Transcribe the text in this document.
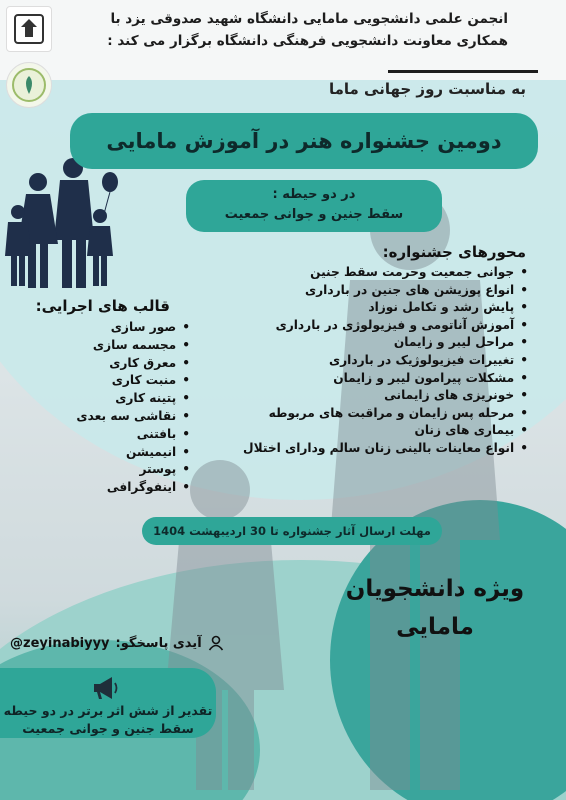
انجمن علمی دانشجویی مامایی دانشگاه شهید صدوقی یزد با
همکاری معاونت دانشجویی فرهنگی دانشگاه برگزار می کند :
به مناسبت روز جهانی ماما
دومین جشنواره هنر در آموزش مامایی
در دو حیطه :
سقط جنین و جوانی جمعیت
محورهای جشنواره:
• جوانی جمعیت وحرمت سقط جنین
• انواع پوزیشن های جنین در بارداری
• پایش رشد و تکامل نوزاد
• آموزش آناتومی و فیزیولوژی در بارداری
• مراحل لیبر و زایمان
• تغییرات فیزیولوژیک در بارداری
• مشکلات پیرامون لیبر و زایمان
• خونریزی های زایمانی
• مرحله پس زایمان و مراقبت های مربوطه
• بیماری های زنان
• انواع معاینات بالینی زنان سالم ودارای اختلال
قالب های اجرایی:
• صور سازی
• مجسمه سازی
• معرق کاری
• منبت کاری
• پتینه کاری
• نقاشی سه بعدی
• بافتنی
• انیمیشن
• پوستر
• اینفوگرافی
مهلت ارسال آثار جشنواره تا 30 اردیبهشت 1404
ویژه دانشجویان
مامایی
آیدی پاسخگو:
@zeyinabiyyy
تقدیر از شش اثر برتر در دو حیطه
سقط جنین و جوانی جمعیت
